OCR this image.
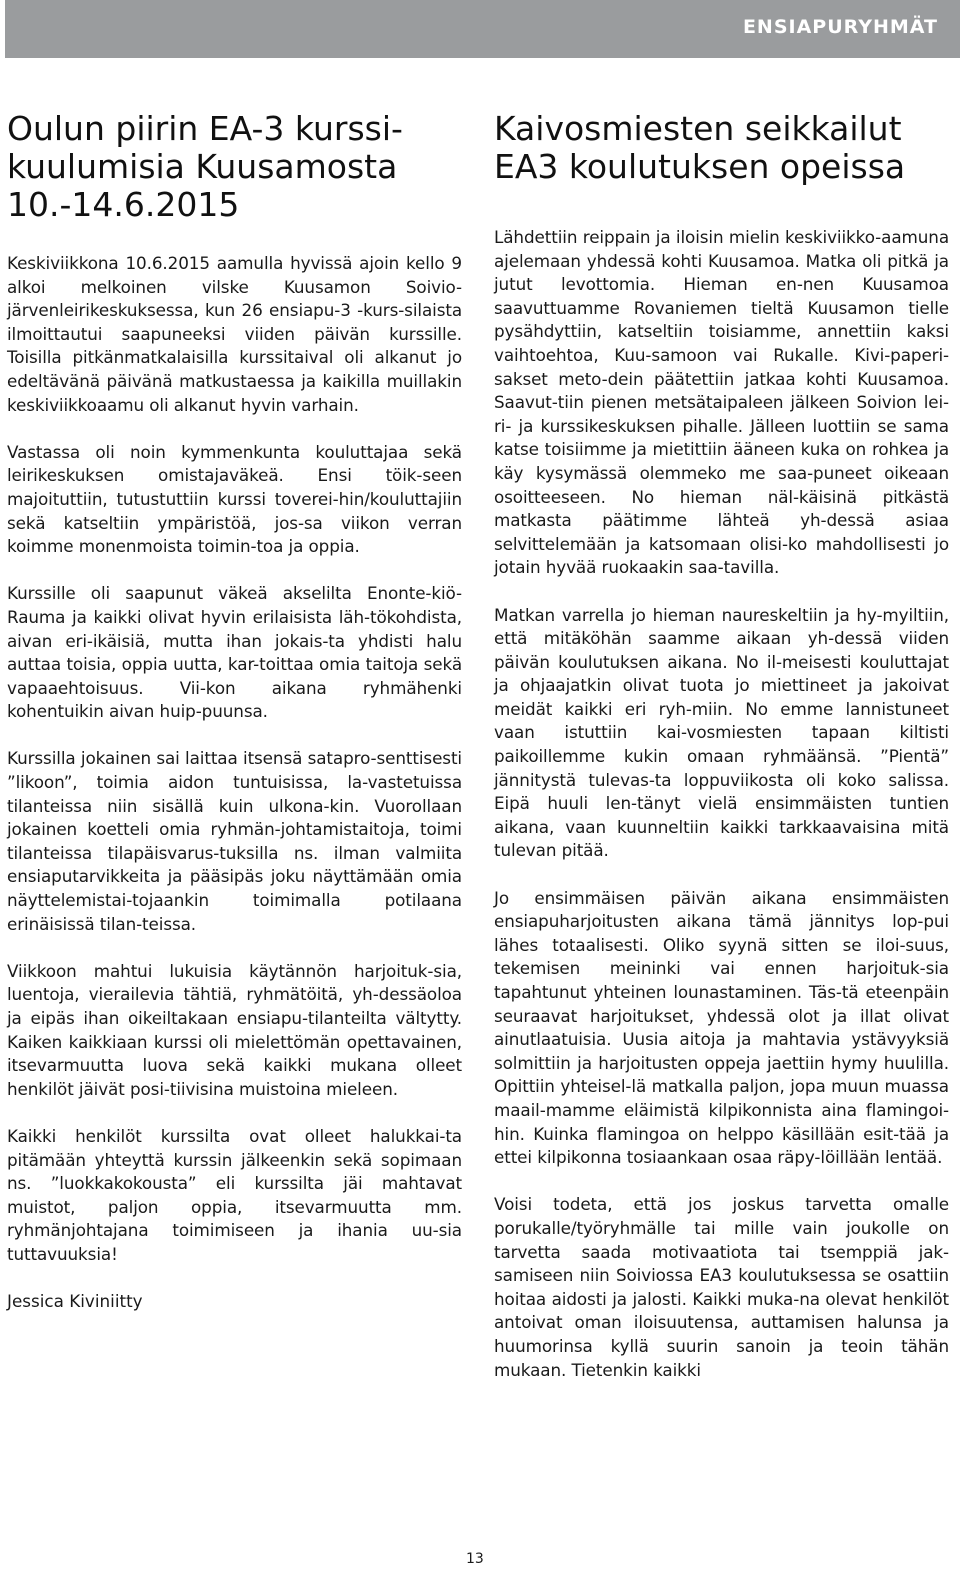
ENSIAPURYHMÄT
Oulun piirin EA-3 kurssi-kuulumisia Kuusamosta 10.-14.6.2015

Keskiviikkona 10.6.2015 aamulla hyvissä ajoin kello 9 alkoi melkoinen vilske Kuusamon Soivio-järvenleirikeskuksessa, kun 26 ensiapu-3 -kurs-silaista ilmoittautui saapuneeksi viiden päivän kurssille. Toisilla pitkänmatkalaisilla kurssitaival oli alkanut jo edeltävänä päivänä matkustaessa ja kaikilla muillakin keskiviikkoaamu oli alkanut hyvin varhain.

Vastassa oli noin kymmenkunta kouluttajaa sekä leirikeskuksen omistajaväkeä. Ensi töik-seen majoituttiin, tutustuttiin kurssi toverei-hin/kouluttajiin sekä katseltiin ympäristöä, jos-sa viikon verran koimme monenmoista toimin-toa ja oppia.

Kurssille oli saapunut väkeä akselilta Enonte-kiö-Rauma ja kaikki olivat hyvin erilaisista läh-tökohdista, aivan eri-ikäisiä, mutta ihan jokais-ta yhdisti halu auttaa toisia, oppia uutta, kar-toittaa omia taitoja sekä vapaaehtoisuus. Vii-kon aikana ryhmähenki kohentuikin aivan huip-puunsa.

Kurssilla jokainen sai laittaa itsensä satapro-senttisesti ”likoon”, toimia aidon tuntuisissa, la-vastetuissa tilanteissa niin sisällä kuin ulkona-kin. Vuorollaan jokainen koetteli omia ryhmän-johtamistaitoja, toimi tilanteissa tilapäisvarus-tuksilla ns. ilman valmiita ensiaputarvikkeita ja pääsipäs joku näyttämään omia näyttelemistai-tojaankin toimimalla potilaana erinäisissä tilan-teissa.

Viikkoon mahtui lukuisia käytännön harjoituk-sia, luentoja, vierailevia tähtiä, ryhmätöitä, yh-dessäoloa ja eipäs ihan oikeiltakaan ensiapu-tilanteilta vältytty. Kaiken kaikkiaan kurssi oli mielettömän opettavainen, itsevarmuutta luova sekä kaikki mukana olleet henkilöt jäivät posi-tiivisina muistoina mieleen.

Kaikki henkilöt kurssilta ovat olleet halukkai-ta pitämään yhteyttä kurssin jälkeenkin sekä sopimaan ns. ”luokkakokousta” eli kurssilta jäi mahtavat muistot, paljon oppia, itsevarmuutta mm. ryhmänjohtajana toimimiseen ja ihania uu-sia tuttavuuksia!

Jessica Kiviniitty

Kaivosmiesten seikkailut EA3 koulutuksen opeissa

Lähdettiin reippain ja iloisin mielin keskiviikko-aamuna ajelemaan yhdessä kohti Kuusamoa. Matka oli pitkä ja jutut levottomia. Hieman en-nen Kuusamoa saavuttuamme Rovaniemen tieltä Kuusamon tielle pysähdyttiin, katseltiin toisiamme, annettiin kaksi vaihtoehtoa, Kuu-samoon vai Rukalle. Kivi-paperi-sakset meto-dein päätettiin jatkaa kohti Kuusamoa. Saavut-tiin pienen metsätaipaleen jälkeen Soivion lei-ri- ja kurssikeskuksen pihalle. Jälleen luottiin se sama katse toisiimme ja mietittiin ääneen kuka on rohkea ja käy kysymässä olemmeko me saa-puneet oikeaan osoitteeseen. No hieman näl-käisinä pitkästä matkasta päätimme lähteä yh-dessä asiaa selvittelemään ja katsomaan olisi-ko mahdollisesti jo jotain hyvää ruokaakin saa-tavilla.

Matkan varrella jo hieman naureskeltiin ja hy-myiltiin, että mitäköhän saamme aikaan yh-dessä viiden päivän koulutuksen aikana. No il-meisesti kouluttajat ja ohjaajatkin olivat tuota jo miettineet ja jakoivat meidät kaikki eri ryh-miin. No emme lannistuneet vaan istuttiin kai-vosmiesten tapaan kiltisti paikoillemme kukin omaan ryhmäänsä. ”Pientä” jännitystä tulevas-ta loppuviikosta oli koko salissa. Eipä huuli len-tänyt vielä ensimmäisten tuntien aikana, vaan kuunneltiin kaikki tarkkaavaisina mitä tulevan pitää.

Jo ensimmäisen päivän aikana ensimmäisten ensiapuharjoitusten aikana tämä jännitys lop-pui lähes totaalisesti. Oliko syynä sitten se iloi-suus, tekemisen meininki vai ennen harjoituk-sia tapahtunut yhteinen lounastaminen. Täs-tä eteenpäin seuraavat harjoitukset, yhdessä olot ja illat olivat ainutlaatuisia. Uusia aitoja ja mahtavia ystävyyksiä solmittiin ja harjoitusten oppeja jaettiin hymy huulilla. Opittiin yhteisel-lä matkalla paljon, jopa muun muassa maail-mamme eläimistä kilpikonnista aina flamingoi-hin. Kuinka flamingoa on helppo käsillään esit-tää ja ettei kilpikonna tosiaankaan osaa räpy-löillään lentää.

Voisi todeta, että jos joskus tarvetta omalle porukalle/työryhmälle tai mille vain joukolle on tarvetta saada motivaatiota tai tsemppiä jak-samiseen niin Soiviossa EA3 koulutuksessa se osattiin hoitaa aidosti ja jalosti. Kaikki muka-na olevat henkilöt antoivat oman iloisuutensa, auttamisen halunsa ja huumorinsa kyllä suurin sanoin ja teoin tähän mukaan. Tietenkin kaikki

13
